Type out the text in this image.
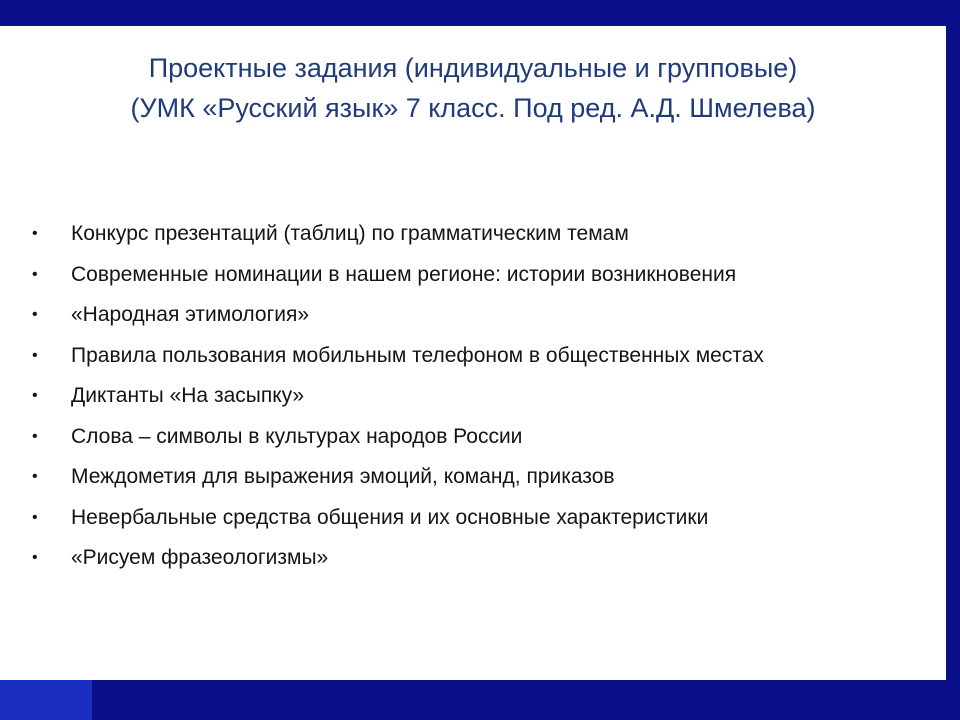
Проектные задания (индивидуальные и групповые)
(УМК «Русский язык» 7 класс. Под ред. А.Д. Шмелева)
• Конкурс презентаций (таблиц) по грамматическим темам
• Современные номинации в нашем регионе: истории возникновения
• «Народная этимология»
• Правила пользования мобильным телефоном в общественных местах
• Диктанты «На засыпку»
• Слова – символы в культурах народов России
• Междометия для выражения эмоций, команд, приказов
• Невербальные средства общения и их основные характеристики
• «Рисуем фразеологизмы»
